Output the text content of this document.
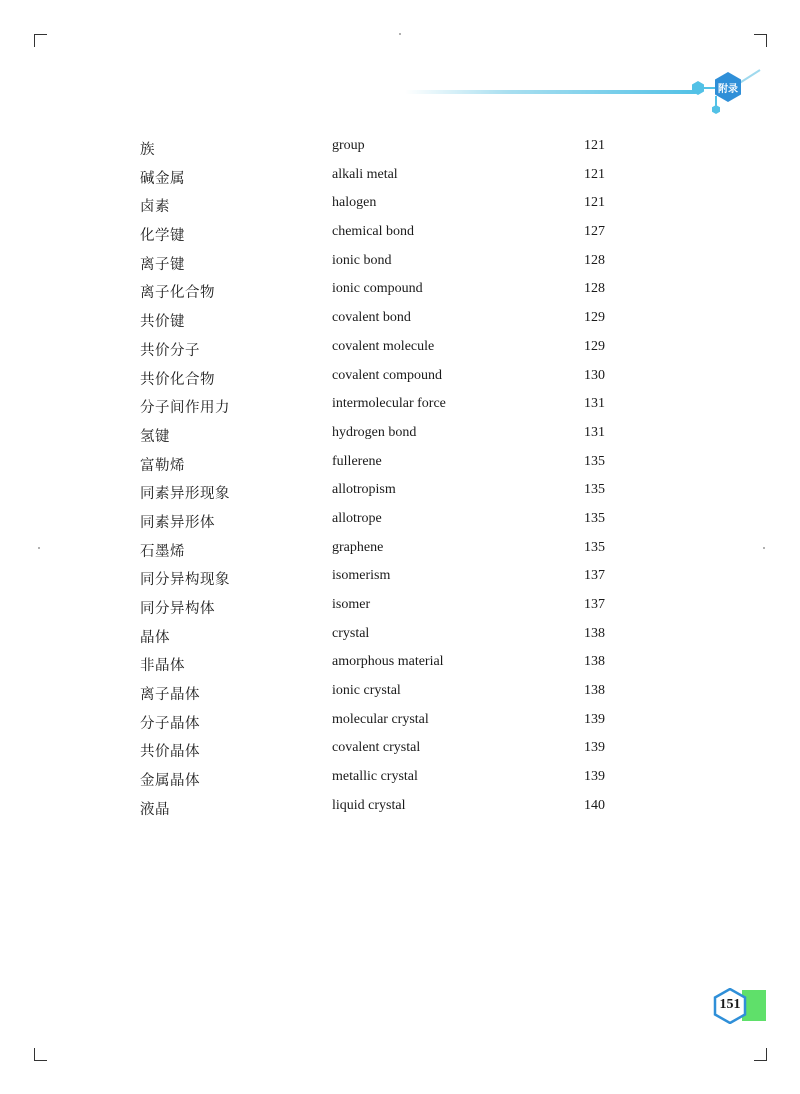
附录
族	group	121
碱金属	alkali metal	121
卤素	halogen	121
化学键	chemical bond	127
离子键	ionic bond	128
离子化合物	ionic compound	128
共价键	covalent bond	129
共价分子	covalent molecule	129
共价化合物	covalent compound	130
分子间作用力	intermolecular force	131
氢键	hydrogen bond	131
富勒烯	fullerene	135
同素异形现象	allotropism	135
同素异形体	allotrope	135
石墨烯	graphene	135
同分异构现象	isomerism	137
同分异构体	isomer	137
晶体	crystal	138
非晶体	amorphous material	138
离子晶体	ionic crystal	138
分子晶体	molecular crystal	139
共价晶体	covalent crystal	139
金属晶体	metallic crystal	139
液晶	liquid crystal	140
151
